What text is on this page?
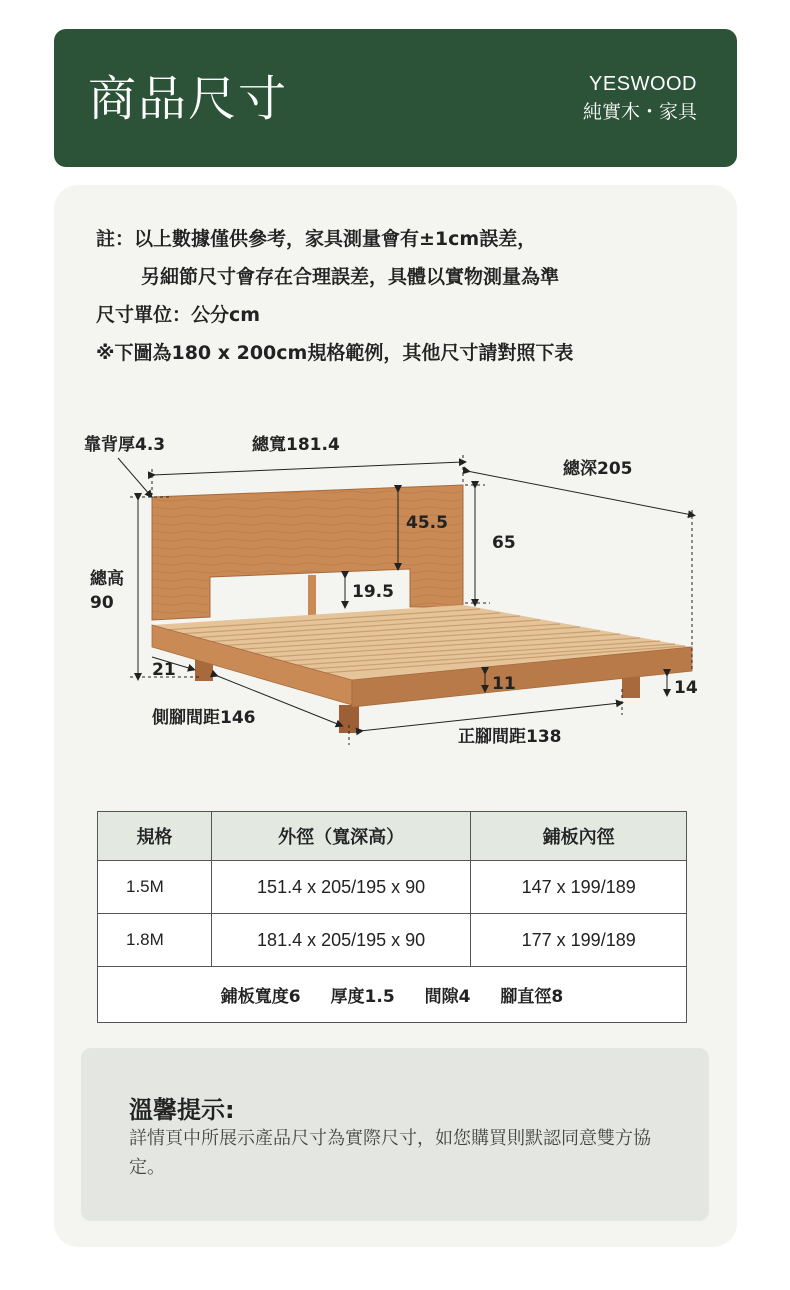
商品尺寸	YESWOOD
純實木・家具
註：以上數據僅供參考，家具測量會有±1cm誤差，
另細節尺寸會存在合理誤差，具體以實物測量為準
尺寸單位：公分cm
※下圖為180 x 200cm規格範例，其他尺寸請對照下表
靠背厚4.3	總寬181.4
總深205
總高
90
45.5
65
19.5
21
11	14
側腳間距146
正腳間距138
規格	外徑（寬深高）	鋪板內徑
1.5M	151.4 x 205/195 x 90	147 x 199/189
1.8M	181.4 x 205/195 x 90	177 x 199/189
鋪板寬度6 厚度1.5 間隙4 腳直徑8		
溫馨提示:
詳情頁中所展示產品尺寸為實際尺寸，如您購買則默認同意雙方協定。
